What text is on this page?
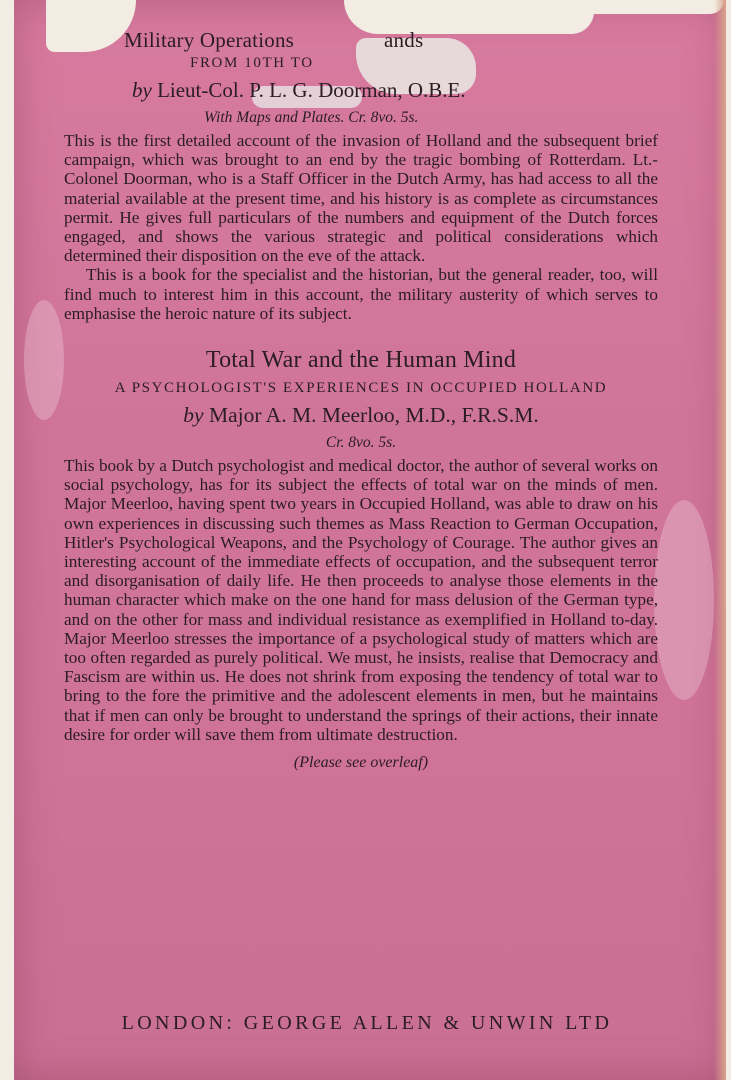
Military Operations	ands
FROM 10TH TO
by Lieut-Col. P. L. G. Doorman, O.B.E.
With Maps and Plates. Cr. 8vo. 5s.

This is the first detailed account of the invasion of Holland and the subsequent brief campaign, which was brought to an end by the tragic bombing of Rotterdam. Lt.-Colonel Doorman, who is a Staff Officer in the Dutch Army, has had access to all the material available at the present time, and his history is as complete as circumstances permit. He gives full particulars of the numbers and equipment of the Dutch forces engaged, and shows the various strategic and political considerations which determined their disposition on the eve of the attack.

This is a book for the specialist and the historian, but the general reader, too, will find much to interest him in this account, the military austerity of which serves to emphasise the heroic nature of its subject.

Total War and the Human Mind
A PSYCHOLOGIST'S EXPERIENCES IN OCCUPIED HOLLAND
by Major A. M. Meerloo, M.D., F.R.S.M.
Cr. 8vo. 5s.

This book by a Dutch psychologist and medical doctor, the author of several works on social psychology, has for its subject the effects of total war on the minds of men. Major Meerloo, having spent two years in Occupied Holland, was able to draw on his own experiences in discussing such themes as Mass Reaction to German Occupation, Hitler's Psychological Weapons, and the Psychology of Courage. The author gives an interesting account of the immediate effects of occupation, and the subsequent terror and disorganisation of daily life. He then proceeds to analyse those elements in the human character which make on the one hand for mass delusion of the German type, and on the other for mass and individual resistance as exemplified in Holland to-day. Major Meerloo stresses the importance of a psychological study of matters which are too often regarded as purely political. We must, he insists, realise that Democracy and Fascism are within us. He does not shrink from exposing the tendency of total war to bring to the fore the primitive and the adolescent elements in men, but he maintains that if men can only be brought to understand the springs of their actions, their innate desire for order will save them from ultimate destruction.

(Please see overleaf)
LONDON: GEORGE ALLEN & UNWIN LTD
